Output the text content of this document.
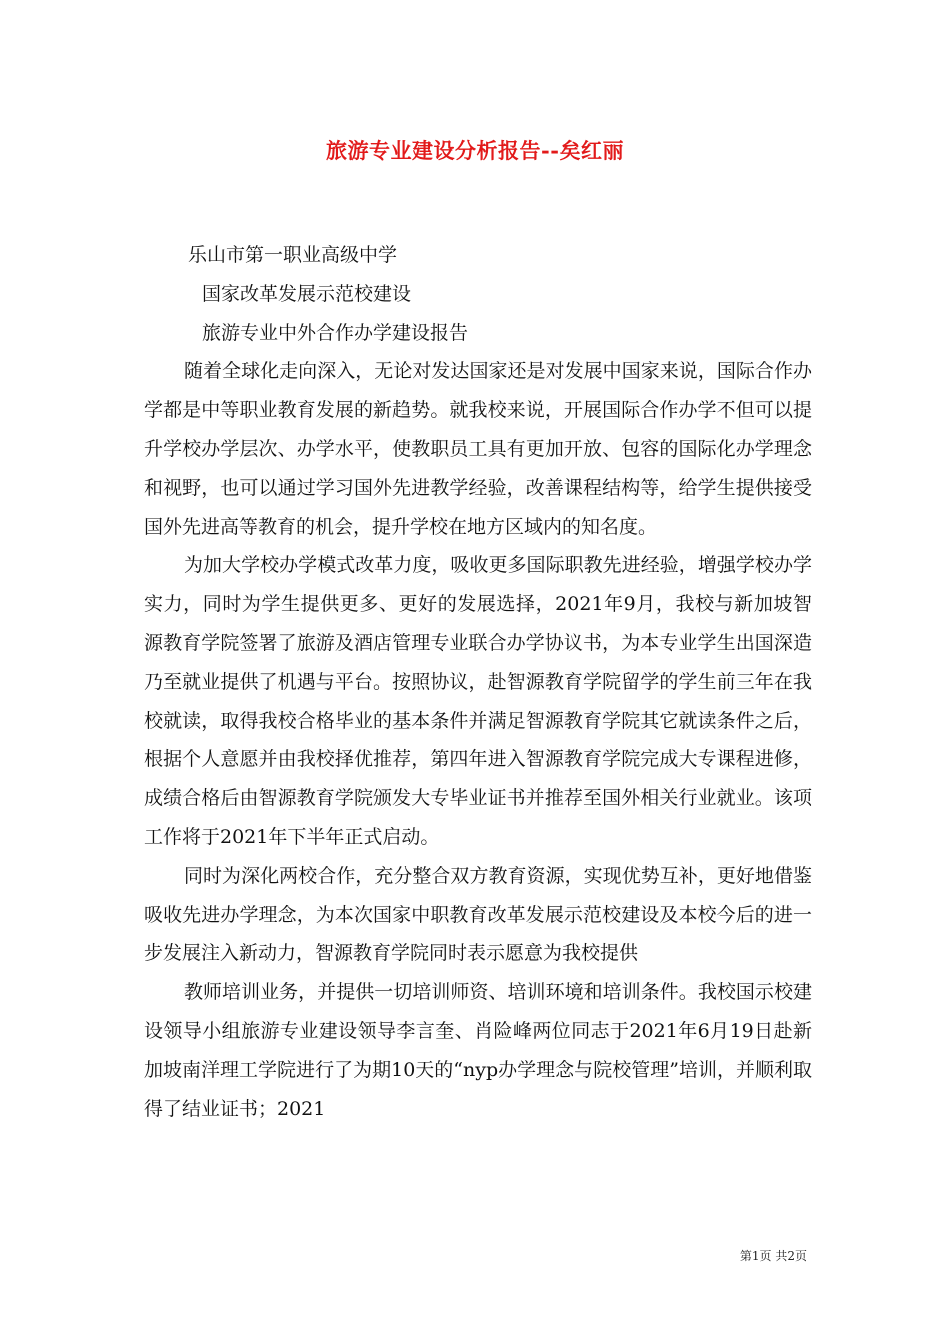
旅游专业建设分析报告--矣红丽

乐山市第一职业高级中学

国家改革发展示范校建设

旅游专业中外合作办学建设报告

随着全球化走向深入，无论对发达国家还是对发展中国家来说，国际合作办学都是中等职业教育发展的新趋势。就我校来说，开展国际合作办学不但可以提升学校办学层次、办学水平，使教职员工具有更加开放、包容的国际化办学理念和视野，也可以通过学习国外先进教学经验，改善课程结构等，给学生提供接受国外先进高等教育的机会，提升学校在地方区域内的知名度。

为加大学校办学模式改革力度，吸收更多国际职教先进经验，增强学校办学实力，同时为学生提供更多、更好的发展选择，2021年9月，我校与新加坡智源教育学院签署了旅游及酒店管理专业联合办学协议书，为本专业学生出国深造乃至就业提供了机遇与平台。按照协议，赴智源教育学院留学的学生前三年在我校就读，取得我校合格毕业的基本条件并满足智源教育学院其它就读条件之后，根据个人意愿并由我校择优推荐，第四年进入智源教育学院完成大专课程进修，成绩合格后由智源教育学院颁发大专毕业证书并推荐至国外相关行业就业。该项工作将于2021年下半年正式启动。

同时为深化两校合作，充分整合双方教育资源，实现优势互补，更好地借鉴吸收先进办学理念，为本次国家中职教育改革发展示范校建设及本校今后的进一步发展注入新动力，智源教育学院同时表示愿意为我校提供

教师培训业务，并提供一切培训师资、培训环境和培训条件。我校国示校建设领导小组旅游专业建设领导李言奎、肖险峰两位同志于2021年6月19日赴新加坡南洋理工学院进行了为期10天的“nyp办学理念与院校管理”培训，并顺利取得了结业证书；2021

第1页 共2页
